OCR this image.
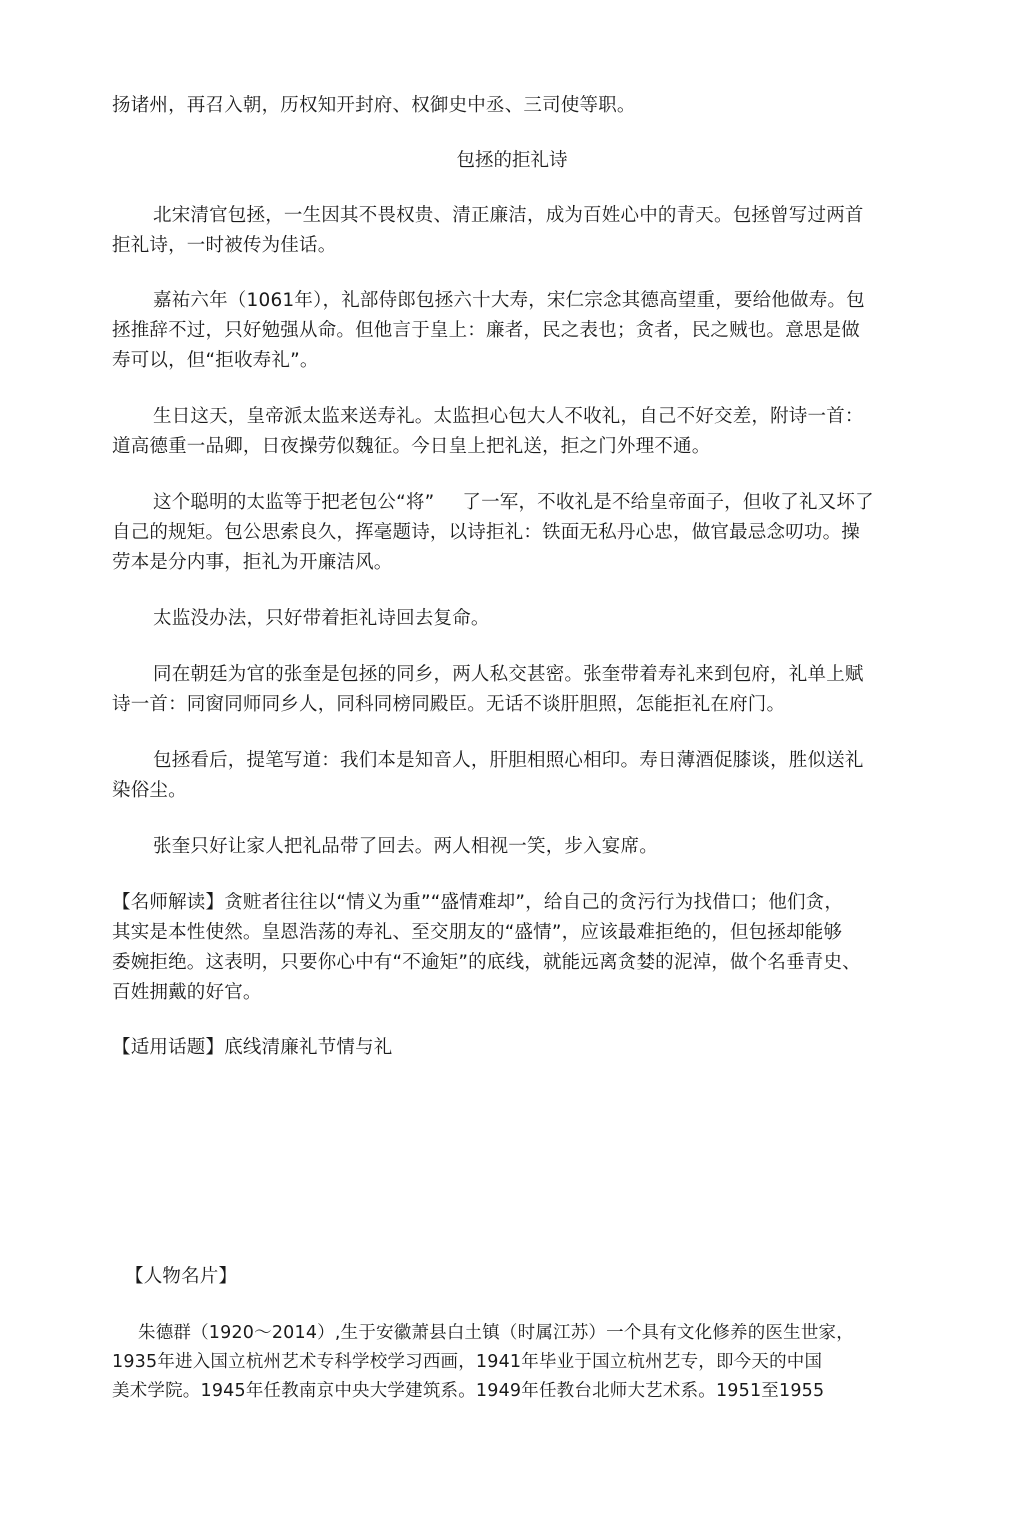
扬诸州，再召入朝，历权知开封府、权御史中丞、三司使等职。
包拯的拒礼诗
北宋清官包拯，一生因其不畏权贵、清正廉洁，成为百姓心中的青天。包拯曾写过两首
拒礼诗，一时被传为佳话。
嘉祐六年（1061年），礼部侍郎包拯六十大寿，宋仁宗念其德高望重，要给他做寿。包
拯推辞不过，只好勉强从命。但他言于皇上：廉者，民之表也；贪者，民之贼也。意思是做
寿可以，但“拒收寿礼”。
生日这天，皇帝派太监来送寿礼。太监担心包大人不收礼，自己不好交差，附诗一首：
道高德重一品卿，日夜操劳似魏征。今日皇上把礼送，拒之门外理不通。
这个聪明的太监等于把老包公“将” 了一军，不收礼是不给皇帝面子，但收了礼又坏了
自己的规矩。包公思索良久，挥毫题诗，以诗拒礼：铁面无私丹心忠，做官最忌念叨功。操
劳本是分内事，拒礼为开廉洁风。
太监没办法，只好带着拒礼诗回去复命。
同在朝廷为官的张奎是包拯的同乡，两人私交甚密。张奎带着寿礼来到包府，礼单上赋
诗一首：同窗同师同乡人，同科同榜同殿臣。无话不谈肝胆照，怎能拒礼在府门。
包拯看后，提笔写道：我们本是知音人，肝胆相照心相印。寿日薄酒促膝谈，胜似送礼
染俗尘。
张奎只好让家人把礼品带了回去。两人相视一笑，步入宴席。
【名师解读】贪赃者往往以“情义为重”“盛情难却”，给自己的贪污行为找借口；他们贪，
其实是本性使然。皇恩浩荡的寿礼、至交朋友的“盛情”，应该最难拒绝的，但包拯却能够
委婉拒绝。这表明，只要你心中有“不逾矩”的底线，就能远离贪婪的泥淖，做个名垂青史、
百姓拥戴的好官。
【适用话题】底线清廉礼节情与礼
【人物名片】
朱德群（1920～2014）,生于安徽萧县白土镇（时属江苏）一个具有文化修养的医生世家，
1935年进入国立杭州艺术专科学校学习西画，1941年毕业于国立杭州艺专，即今天的中国
美术学院。1945年任教南京中央大学建筑系。1949年任教台北师大艺术系。1951至1955
